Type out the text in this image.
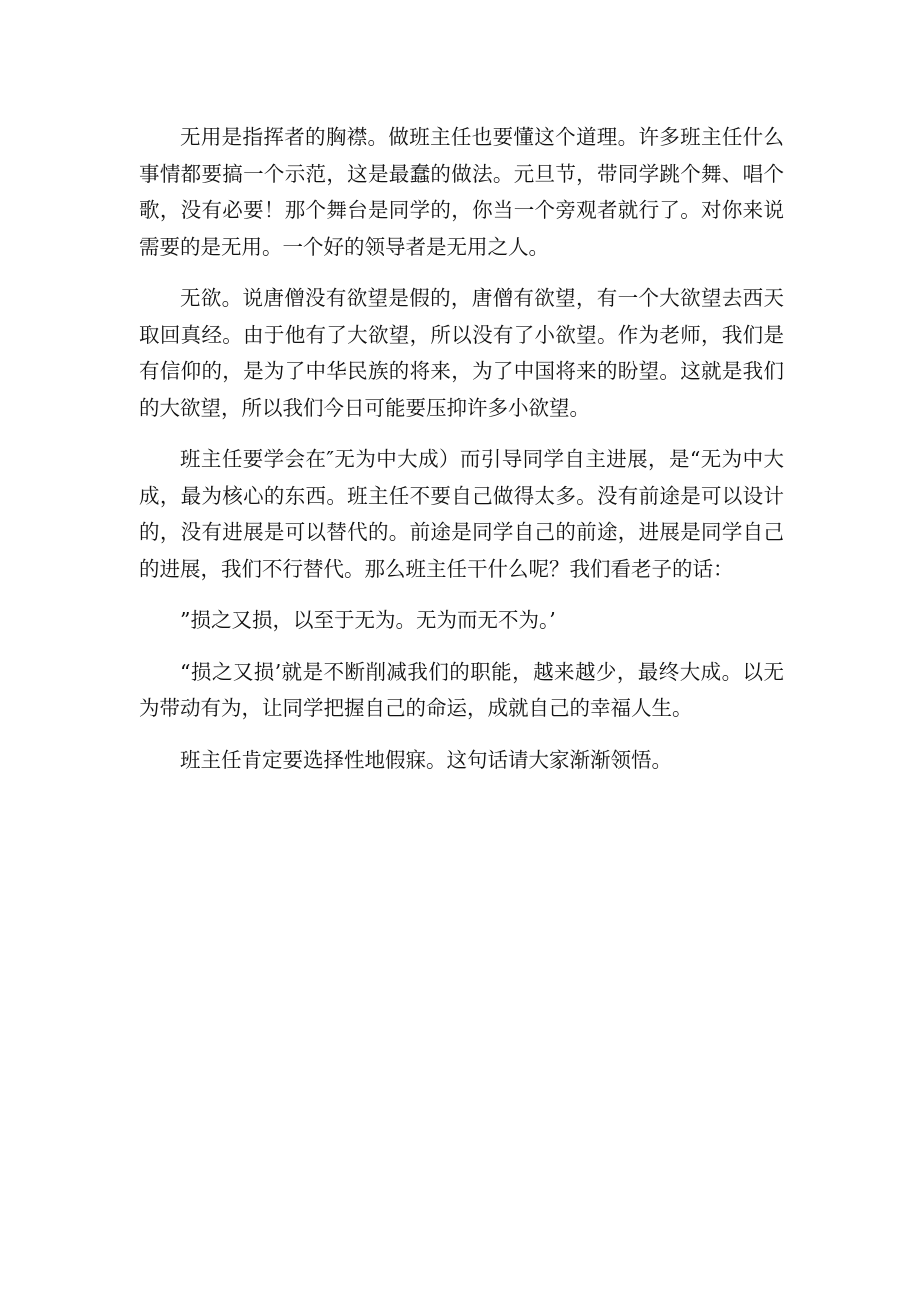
无用是指挥者的胸襟。做班主任也要懂这个道理。许多班主任什么事情都要搞一个示范，这是最蠢的做法。元旦节，带同学跳个舞、唱个歌，没有必要！那个舞台是同学的，你当一个旁观者就行了。对你来说需要的是无用。一个好的领导者是无用之人。

无欲。说唐僧没有欲望是假的，唐僧有欲望，有一个大欲望去西天取回真经。由于他有了大欲望，所以没有了小欲望。作为老师，我们是有信仰的，是为了中华民族的将来，为了中国将来的盼望。这就是我们的大欲望，所以我们今日可能要压抑许多小欲望。

班主任要学会在″无为中大成）而引导同学自主进展，是“无为中大成，最为核心的东西。班主任不要自己做得太多。没有前途是可以设计的，没有进展是可以替代的。前途是同学自己的前途，进展是同学自己的进展，我们不行替代。那么班主任干什么呢？我们看老子的话：

”损之又损，以至于无为。无为而无不为。’

“损之又损’就是不断削减我们的职能，越来越少，最终大成。以无为带动有为，让同学把握自己的命运，成就自己的幸福人生。

班主任肯定要选择性地假寐。这句话请大家渐渐领悟。
